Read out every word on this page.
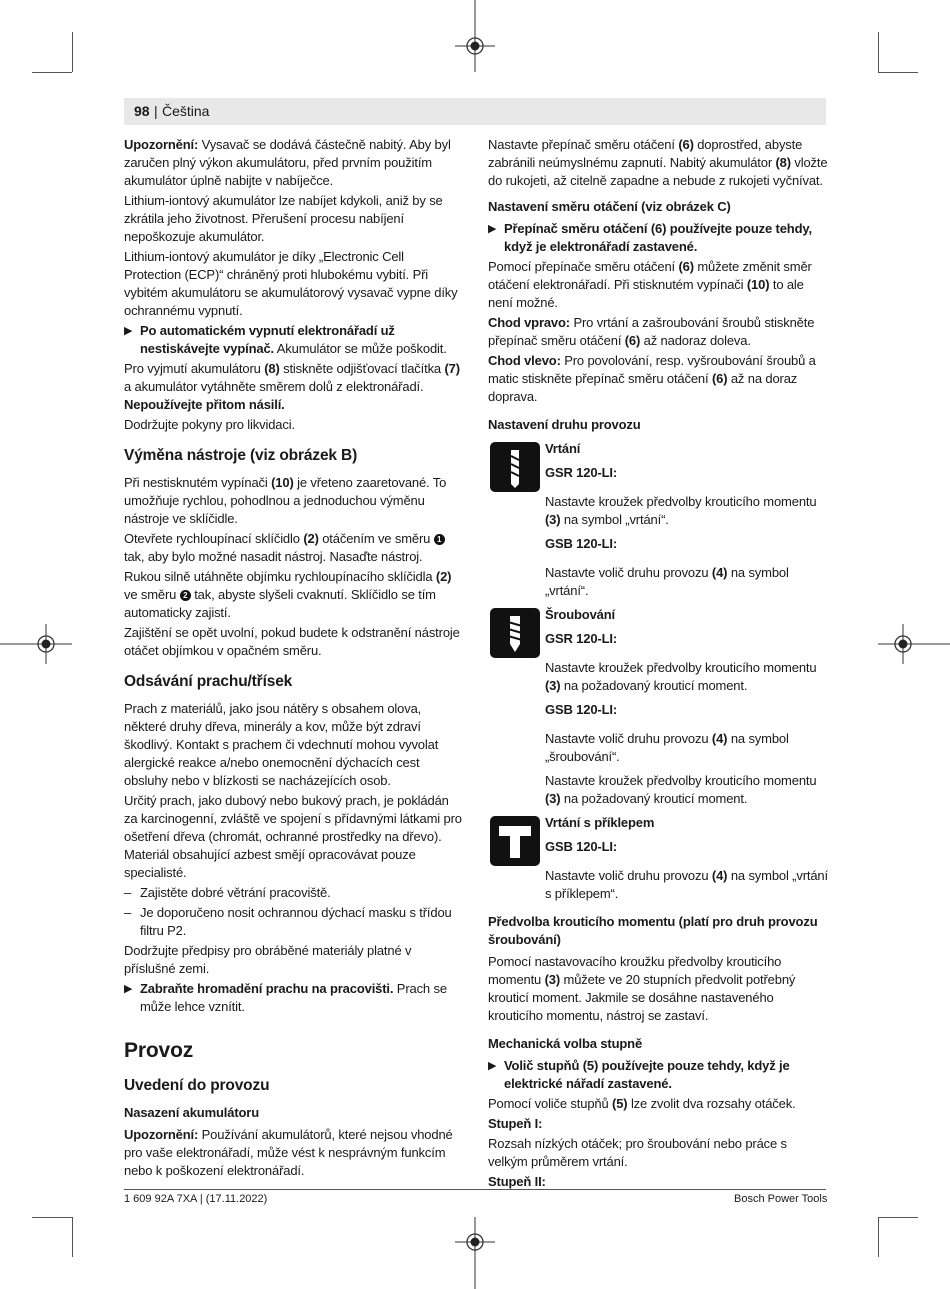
98 | Čeština

Upozornění: Vysavač se dodává částečně nabitý. Aby byl zaručen plný výkon akumulátoru, před prvním použitím akumulátor úplně nabijte v nabíječce.

Lithium-iontový akumulátor lze nabíjet kdykoli, aniž by se zkrátila jeho životnost. Přerušení procesu nabíjení nepoškozuje akumulátor.

Lithium-iontový akumulátor je díky „Electronic Cell Protection (ECP)“ chráněný proti hlubokému vybití. Při vybitém akumulátoru se akumulátorový vysavač vypne díky ochrannému vypnutí.

▶ Po automatickém vypnutí elektronářadí už nestiskávejte vypínač. Akumulátor se může poškodit.

Pro vyjmutí akumulátoru (8) stiskněte odjišťovací tlačítka (7) a akumulátor vytáhněte směrem dolů z elektronářadí. Nepoužívejte přitom násilí.

Dodržujte pokyny pro likvidaci.

Výměna nástroje (viz obrázek B)

Při nestisknutém vypínači (10) je vřeteno zaaretované. To umožňuje rychlou, pohodlnou a jednoduchou výměnu nástroje ve sklíčidle.

Otevřete rychloupínací sklíčidlo (2) otáčením ve směru 1 tak, aby bylo možné nasadit nástroj. Nasaďte nástroj.

Rukou silně utáhněte objímku rychloupínacího sklíčidla (2) ve směru 2 tak, abyste slyšeli cvaknutí. Sklíčidlo se tím automaticky zajistí.

Zajištění se opět uvolní, pokud budete k odstranění nástroje otáčet objímkou v opačném směru.

Odsávání prachu/třísek

Prach z materiálů, jako jsou nátěry s obsahem olova, některé druhy dřeva, minerály a kov, může být zdraví škodlivý. Kontakt s prachem či vdechnutí mohou vyvolat alergické reakce a/nebo onemocnění dýchacích cest obsluhy nebo v blízkosti se nacházejících osob.

Určitý prach, jako dubový nebo bukový prach, je pokládán za karcinogenní, zvláště ve spojení s přídavnými látkami pro ošetření dřeva (chromát, ochranné prostředky na dřevo). Materiál obsahující azbest smějí opracovávat pouze specialisté.

– Zajistěte dobré větrání pracoviště.
– Je doporučeno nosit ochrannou dýchací masku s třídou filtru P2.

Dodržujte předpisy pro obráběné materiály platné v příslušné zemi.

▶ Zabraňte hromadění prachu na pracovišti. Prach se může lehce vznítit.
Provoz
Uvedení do provozu
Nasazení akumulátoru

Upozornění: Používání akumulátorů, které nejsou vhodné pro vaše elektronářadí, může vést k nesprávným funkcím nebo k poškození elektronářadí.

Nastavte přepínač směru otáčení (6) doprostřed, abyste zabránili neúmyslnému zapnutí. Nabitý akumulátor (8) vložte do rukojeti, až citelně zapadne a nebude z rukojeti vyčnívat.

Nastavení směru otáčení (viz obrázek C)
▶ Přepínač směru otáčení (6) používejte pouze tehdy, když je elektronářadí zastavené.

Pomocí přepínače směru otáčení (6) můžete změnit směr otáčení elektronářadí. Při stisknutém vypínači (10) to ale není možné.

Chod vpravo: Pro vrtání a zašroubování šroubů stiskněte přepínač směru otáčení (6) až nadoraz doleva.

Chod vlevo: Pro povolování, resp. vyšroubování šroubů a matic stiskněte přepínač směru otáčení (6) až na doraz doprava.

Nastavení druhu provozu
Vrtání
GSR 120-LI:
Nastavte kroužek předvolby krouticího momentu (3) na symbol „vrtání“.
GSB 120-LI:
Nastavte volič druhu provozu (4) na symbol „vrtání“.
Šroubování
GSR 120-LI:
Nastavte kroužek předvolby krouticího momentu (3) na požadovaný krouticí moment.
GSB 120-LI:
Nastavte volič druhu provozu (4) na symbol „šroubování“.
Nastavte kroužek předvolby krouticího momentu (3) na požadovaný krouticí moment.
Vrtání s příklepem
GSB 120-LI:
Nastavte volič druhu provozu (4) na symbol „vrtání s příklepem“.
Předvolba krouticího momentu (platí pro druh provozu šroubování)

Pomocí nastavovacího kroužku předvolby krouticího momentu (3) můžete ve 20 stupních předvolit potřebný krouticí moment. Jakmile se dosáhne nastaveného krouticího momentu, nástroj se zastaví.

Mechanická volba stupně
▶ Volič stupňů (5) používejte pouze tehdy, když je elektrické nářadí zastavené.

Pomocí voliče stupňů (5) lze zvolit dva rozsahy otáček.

Stupeň I:

Rozsah nízkých otáček; pro šroubování nebo práce s velkým průměrem vrtání.

Stupeň II:

1 609 92A 7XA | (17.11.2022)	Bosch Power Tools
